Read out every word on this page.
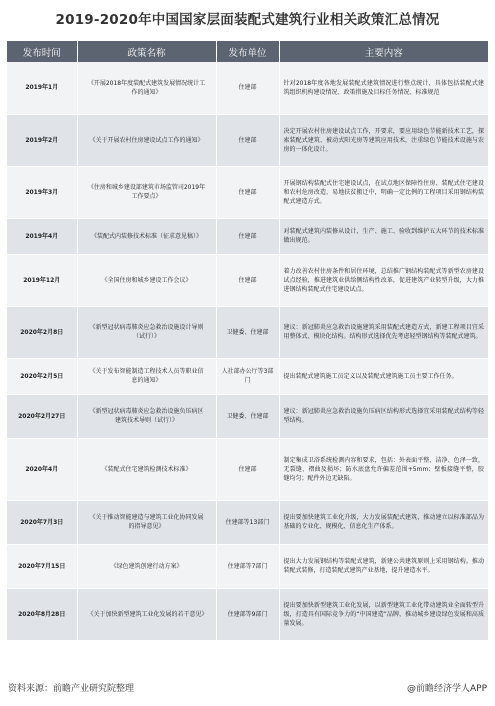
2019-2020年中国国家层面装配式建筑行业相关政策汇总情况
发布时间	政策名称	发布单位	主要内容
2019年1月	《开展2018年度装配式建筑发展情况统计工作的通知》	住建部	针对2018年度各地发展装配式建筑情况进行整点统计，具体包括装配式建筑组织机构建设情况、政策措施及目标任务情况、标准规范
2019年2月	《关于开展农村住房建设试点工作的通知》	住建部	决定开展农村住房建设试点工作，开要求，要应用绿色节能新技术工艺，探索装配式建筑、被动式阳光房等建筑应用技术，注重绿色节能技术设施与农房的一体化设计。
2019年3月	《住房和城乡建设部建筑市场监管司2019年工作要点》	住建部	开展钢结构装配式住宅建设试点，在试点地区保障性住房、装配式住宅建设和农村危房改造、易地扶贫搬迁中，明确一定比例的工程项目采用钢结构装配式建造方式。
2019年4月	《装配式内装修技术标准（征求意见稿）》	住建部	对装配式建筑内装修从设计、生产、施工、验收到维护五大环节的技术标准做出规范。
2019年12月	《全国住房和城乡建设工作会议》	住建部	着力改善农村住房条件和居住环境，总结推广钢结构装配式等新型农房建设试点经验，推进建筑业供给侧结构性改革，促进建筑产业转型升级，大力推进钢结构装配式住宅建设试点。
2020年2月8日	《新型冠状病毒肺炎应急救治设施设计导则（试行）》	卫健委、住建部	建议：新冠肺炎应急救治设施建筑采用装配式建造方式，新建工程项目宜采用整体式、模块化结构。结构形式选择优先考虑轻型钢结构等装配式建筑。
2020年2月5日	《关于发布智能制造工程技术人员等职业信息的通知》	人社部办公厅等3部门	提出装配式建筑施工员定义以及装配式建筑施工员主要工作任务。
2020年2月27日	《新型冠状病毒肺炎应急救治设施负压病区建筑技术导则（试行）》	卫健委、住建部	建议：新冠肺炎应急救治设施负压病区结构形式选择宜采用装配式结构等轻型结构。
2020年4月	《装配式住宅建筑检测技术标准》	住建部	制定集成卫浴系统检测内容和要求，包括：外表面平整、洁净、色泽一致，无裂缝、褶曲及损坏；防水底盘允许偏差范围+5mm；壁板接缝平整，胶缝均匀；配件外边无缺陷。
2020年7月3日	《关于推动智能建造与建筑工业化协同发展的指导意见》	住建部等13部门	提出要加快建筑工业化升级，大力发展装配式建筑，推动建立以标准部品为基础的专业化、规模化、信息化生产体系。
2020年7月15日	《绿色建筑创建行动方案》	住建部等7部门	提出大力发展钢结构等装配式建筑，新建公共建筑原则上采用钢结构。推动装配式装修，打造装配式建筑产业基地，提升建造水平。
2020年8月28日	《关于加快新型建筑工业化发展的若干意见》	住建部等9部门	提出要加快新型建筑工业化发展，以新型建筑工业化带动建筑业全面转型升级，打造具有国际竞争力的“中国建造”品牌，推动城乡建设绿色发展和高质量发展。
资料来源：前瞻产业研究院整理	@前瞻经济学人APP
